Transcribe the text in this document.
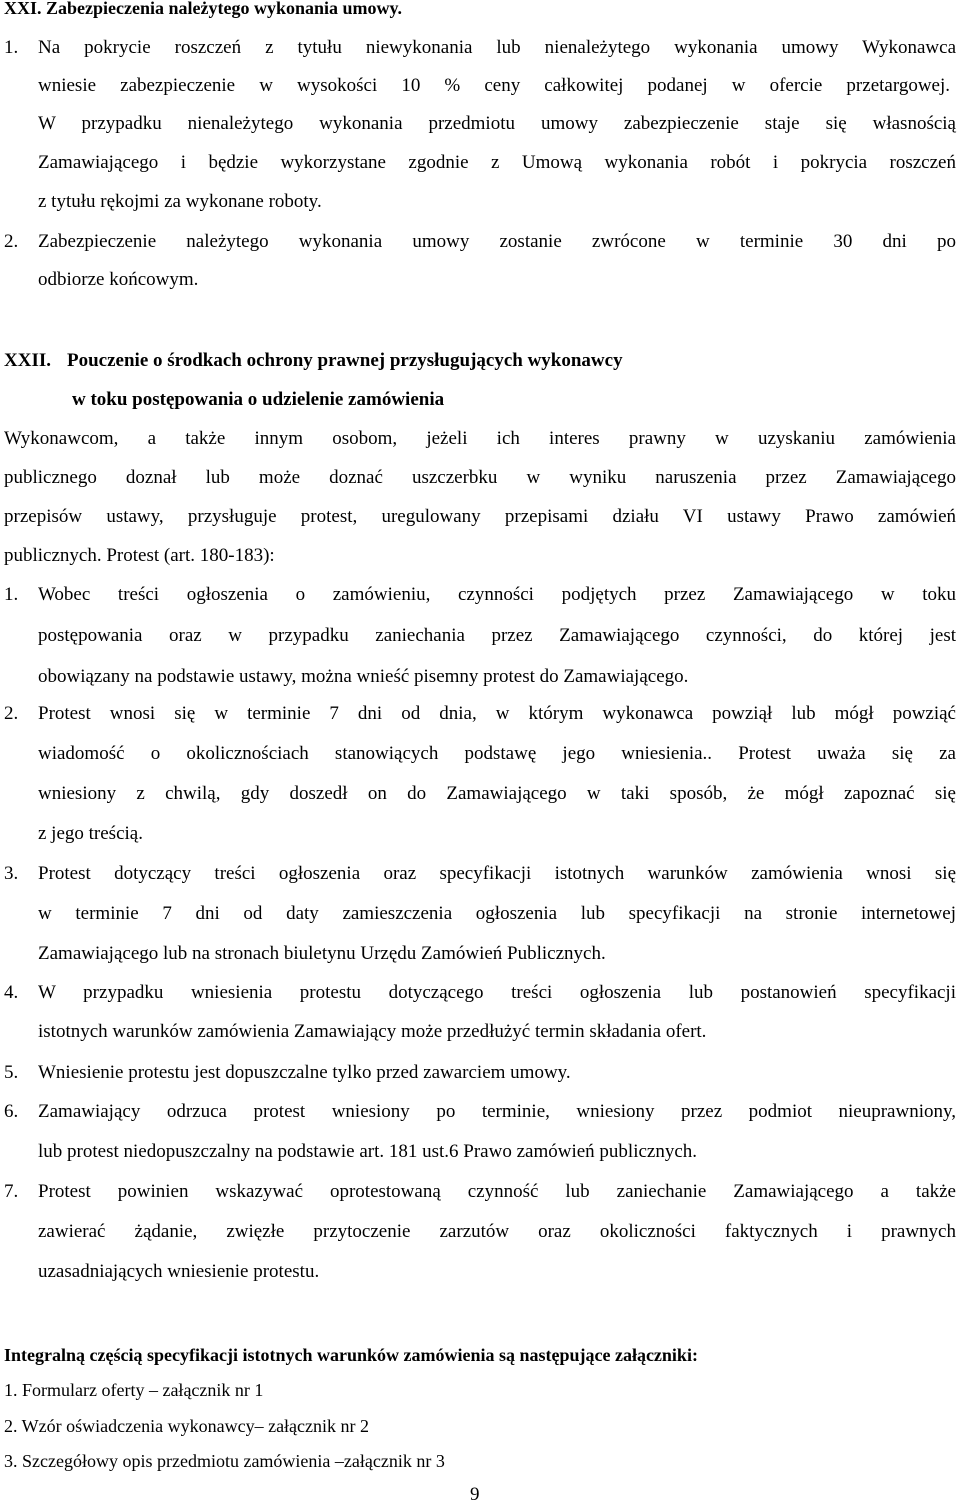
XXI. Zabezpieczenia należytego wykonania umowy.
1. Na pokrycie roszczeń z tytułu niewykonania lub nienależytego wykonania umowy Wykonawca
wniesie zabezpieczenie w wysokości 10 % ceny całkowitej podanej w ofercie przetargowej.
W przypadku nienależytego wykonania przedmiotu umowy zabezpieczenie staje się własnością
Zamawiającego i będzie wykorzystane zgodnie z Umową wykonania robót i pokrycia roszczeń
z tytułu rękojmi za wykonane roboty.
2. Zabezpieczenie należytego wykonania umowy zostanie zwrócone w terminie 30 dni po
odbiorze końcowym.
XXII. Pouczenie o środkach ochrony prawnej przysługujących wykonawcy
w toku postępowania o udzielenie zamówienia
Wykonawcom, a także innym osobom, jeżeli ich interes prawny w uzyskaniu zamówienia
publicznego doznał lub może doznać uszczerbku w wyniku naruszenia przez Zamawiającego
przepisów ustawy, przysługuje protest, uregulowany przepisami działu VI ustawy Prawo zamówień
publicznych. Protest (art. 180-183):
1. Wobec treści ogłoszenia o zamówieniu, czynności podjętych przez Zamawiającego w toku
postępowania oraz w przypadku zaniechania przez Zamawiającego czynności, do której jest
obowiązany na podstawie ustawy, można wnieść pisemny protest do Zamawiającego.
2. Protest wnosi się w terminie 7 dni od dnia, w którym wykonawca powziął lub mógł powziąć
wiadomość o okolicznościach stanowiących podstawę jego wniesienia.. Protest uważa się za
wniesiony z chwilą, gdy doszedł on do Zamawiającego w taki sposób, że mógł zapoznać się
z jego treścią.
3. Protest dotyczący treści ogłoszenia oraz specyfikacji istotnych warunków zamówienia wnosi się
w terminie 7 dni od daty zamieszczenia ogłoszenia lub specyfikacji na stronie internetowej
Zamawiającego lub na stronach biuletynu Urzędu Zamówień Publicznych.
4. W przypadku wniesienia protestu dotyczącego treści ogłoszenia lub postanowień specyfikacji
istotnych warunków zamówienia Zamawiający może przedłużyć termin składania ofert.
5. Wniesienie protestu jest dopuszczalne tylko przed zawarciem umowy.
6. Zamawiający odrzuca protest wniesiony po terminie, wniesiony przez podmiot nieuprawniony,
lub protest niedopuszczalny na podstawie art. 181 ust.6 Prawo zamówień publicznych.
7. Protest powinien wskazywać oprotestowaną czynność lub zaniechanie Zamawiającego a także
zawierać żądanie, zwięzłe przytoczenie zarzutów oraz okoliczności faktycznych i prawnych
uzasadniających wniesienie protestu.
Integralną częścią specyfikacji istotnych warunków zamówienia są następujące załączniki:
1. Formularz oferty – załącznik nr 1
2. Wzór oświadczenia wykonawcy– załącznik nr 2
3. Szczegółowy opis przedmiotu zamówienia –załącznik nr 3
9
